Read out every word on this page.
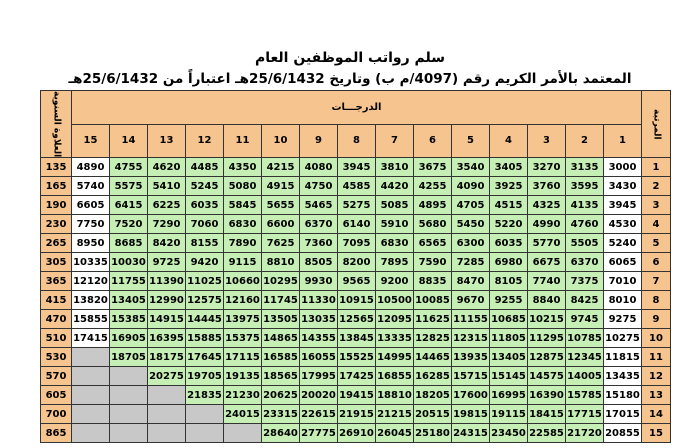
سلم رواتب الموظفين العام
المعتمد بالأمر الكريم رقم (4097/م ب) وتاريخ 25/6/1432هـ اعتباراً من 25/6/1432هـ
المرتبة	الدرجـــات															العلاوة السنوية

	1	2	3	4	5	6	7	8	9	10	11	12	13	14	15	
1	3000	3135	3270	3405	3540	3675	3810	3945	4080	4215	4350	4485	4620	4755	4890	135
2	3430	3595	3760	3925	4090	4255	4420	4585	4750	4915	5080	5245	5410	5575	5740	165
3	3945	4135	4325	4515	4705	4895	5085	5275	5465	5655	5845	6035	6225	6415	6605	190
4	4530	4760	4990	5220	5450	5680	5910	6140	6370	6600	6830	7060	7290	7520	7750	230
5	5240	5505	5770	6035	6300	6565	6830	7095	7360	7625	7890	8155	8420	8685	8950	265
6	6065	6370	6675	6980	7285	7590	7895	8200	8505	8810	9115	9420	9725	10030	10335	305
7	7010	7375	7740	8105	8470	8835	9200	9565	9930	10295	10660	11025	11390	11755	12120	365
8	8010	8425	8840	9255	9670	10085	10500	10915	11330	11745	12160	12575	12990	13405	13820	415
9	9275	9745	10215	10685	11155	11625	12095	12565	13035	13505	13975	14445	14915	15385	15855	470
10	10275	10785	11295	11805	12315	12825	13335	13845	14355	14865	15375	15885	16395	16905	17415	510
11	11815	12345	12875	13405	13935	14465	14995	15525	16055	16585	17115	17645	18175	18705		530
12	13435	14005	14575	15145	15715	16285	16855	17425	17995	18565	19135	19705	20275			570
13	15180	15785	16390	16995	17600	18205	18810	19415	20020	20625	21230	21835				605
14	17015	17715	18415	19115	19815	20515	21215	21915	22615	23315	24015					700
15	20855	21720	22585	23450	24315	25180	26045	26910	27775	28640						865
